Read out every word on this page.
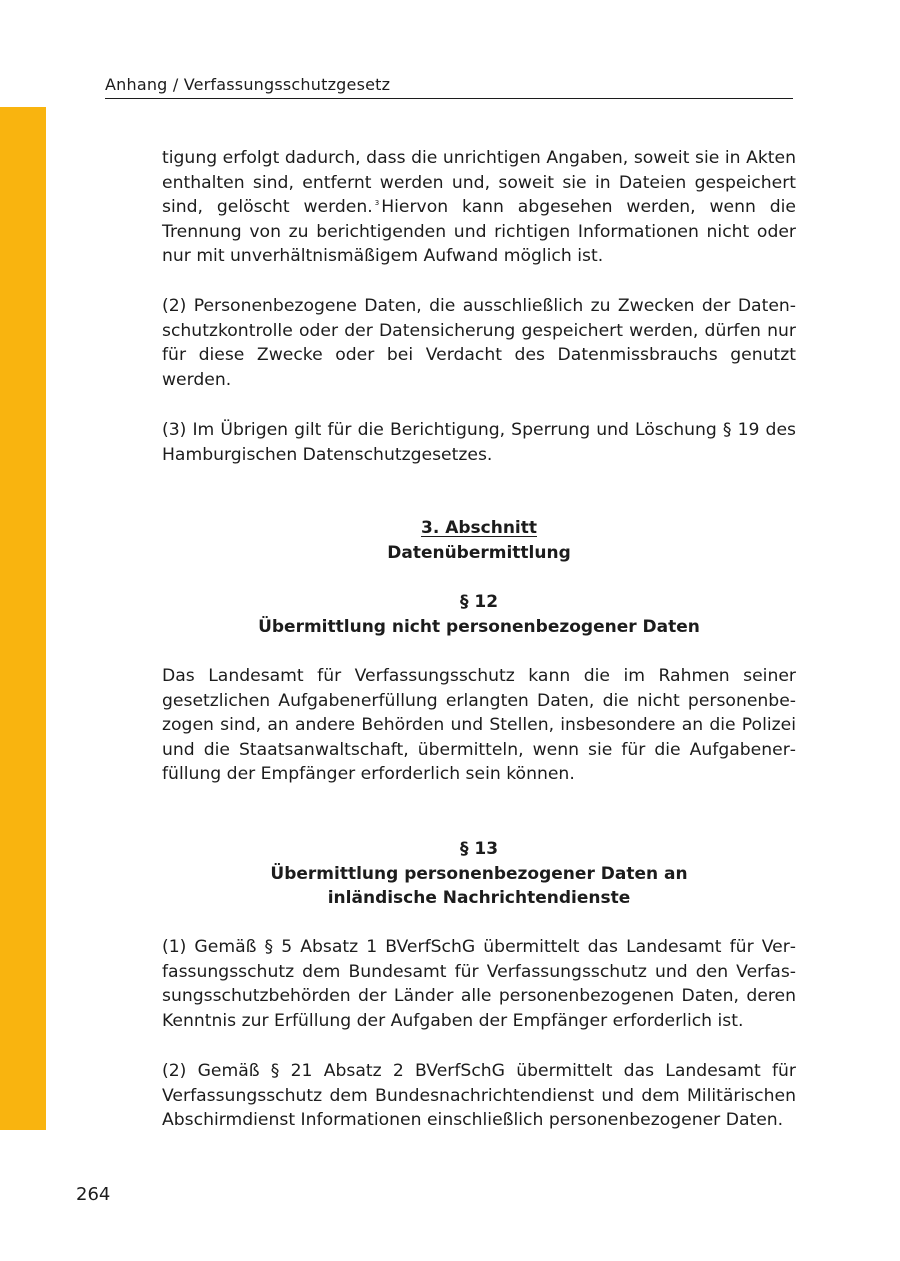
Anhang / Verfassungsschutzgesetz

tigung erfolgt dadurch, dass die unrichtigen Angaben, soweit sie in Akten enthalten sind, entfernt werden und, soweit sie in Dateien gespeichert sind, gelöscht werden. $^3$ Hiervon kann abgesehen werden, wenn die Trennung von zu berichtigenden und richtigen Informationen nicht oder nur mit unverhältnismäßigem Aufwand möglich ist.

(2) Personenbezogene Daten, die ausschließlich zu Zwecken der Datenschutzkontrolle oder der Datensicherung gespeichert werden, dürfen nur für diese Zwecke oder bei Verdacht des Datenmissbrauchs genutzt werden.

(3) Im Übrigen gilt für die Berichtigung, Sperrung und Löschung § 19 des Hamburgischen Datenschutzgesetzes.

3. Abschnitt
Datenübermittlung
§ 12
Übermittlung nicht personenbezogener Daten

Das Landesamt für Verfassungsschutz kann die im Rahmen seiner gesetzlichen Aufgabenerfüllung erlangten Daten, die nicht personenbezogen sind, an andere Behörden und Stellen, insbesondere an die Polizei und die Staatsanwaltschaft, übermitteln, wenn sie für die Aufgabenerfüllung der Empfänger erforderlich sein können.

§ 13
Übermittlung personenbezogener Daten an
inländische Nachrichtendienste

(1) Gemäß § 5 Absatz 1 BVerfSchG übermittelt das Landesamt für Verfassungsschutz dem Bundesamt für Verfassungsschutz und den Verfassungsschutzbehörden der Länder alle personenbezogenen Daten, deren Kenntnis zur Erfüllung der Aufgaben der Empfänger erforderlich ist.

(2) Gemäß § 21 Absatz 2 BVerfSchG übermittelt das Landesamt für Verfassungsschutz dem Bundesnachrichtendienst und dem Militärischen Abschirmdienst Informationen einschließlich personenbezogener Daten.

264
